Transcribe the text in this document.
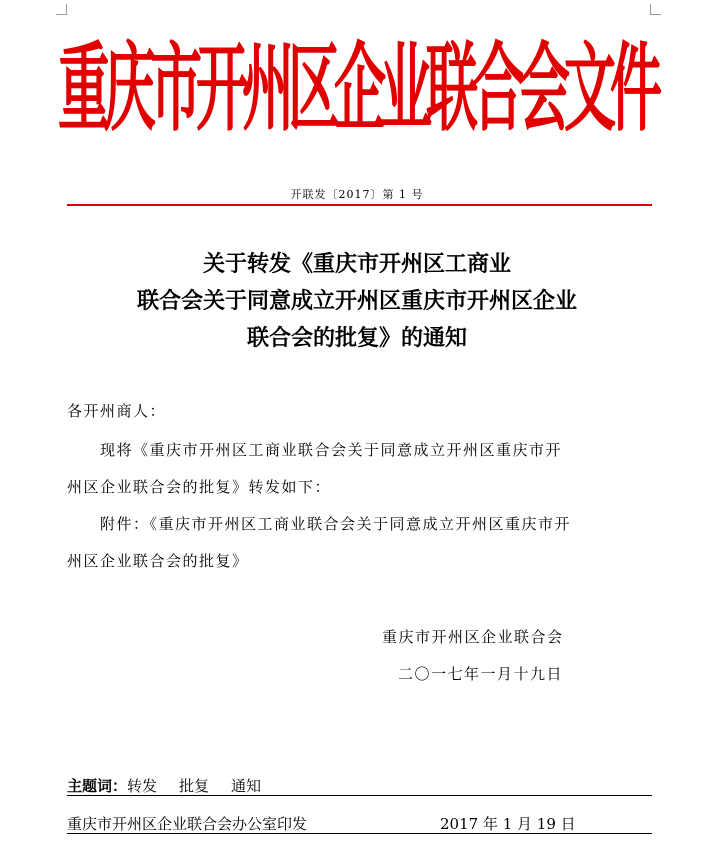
重庆市开州区企业联合会文件
开联发〔2017〕第 1 号
关于转发《重庆市开州区工商业
联合会关于同意成立开州区重庆市开州区企业
联合会的批复》的通知
各开州商人：
现将《重庆市开州区工商业联合会关于同意成立开州区重庆市开
州区企业联合会的批复》转发如下：
附件：《重庆市开州区工商业联合会关于同意成立开州区重庆市开
州区企业联合会的批复》
重庆市开州区企业联合会
二〇一七年一月十九日
主题词：转发 批复 通知
重庆市开州区企业联合会办公室印发	2017 年 1 月 19 日
